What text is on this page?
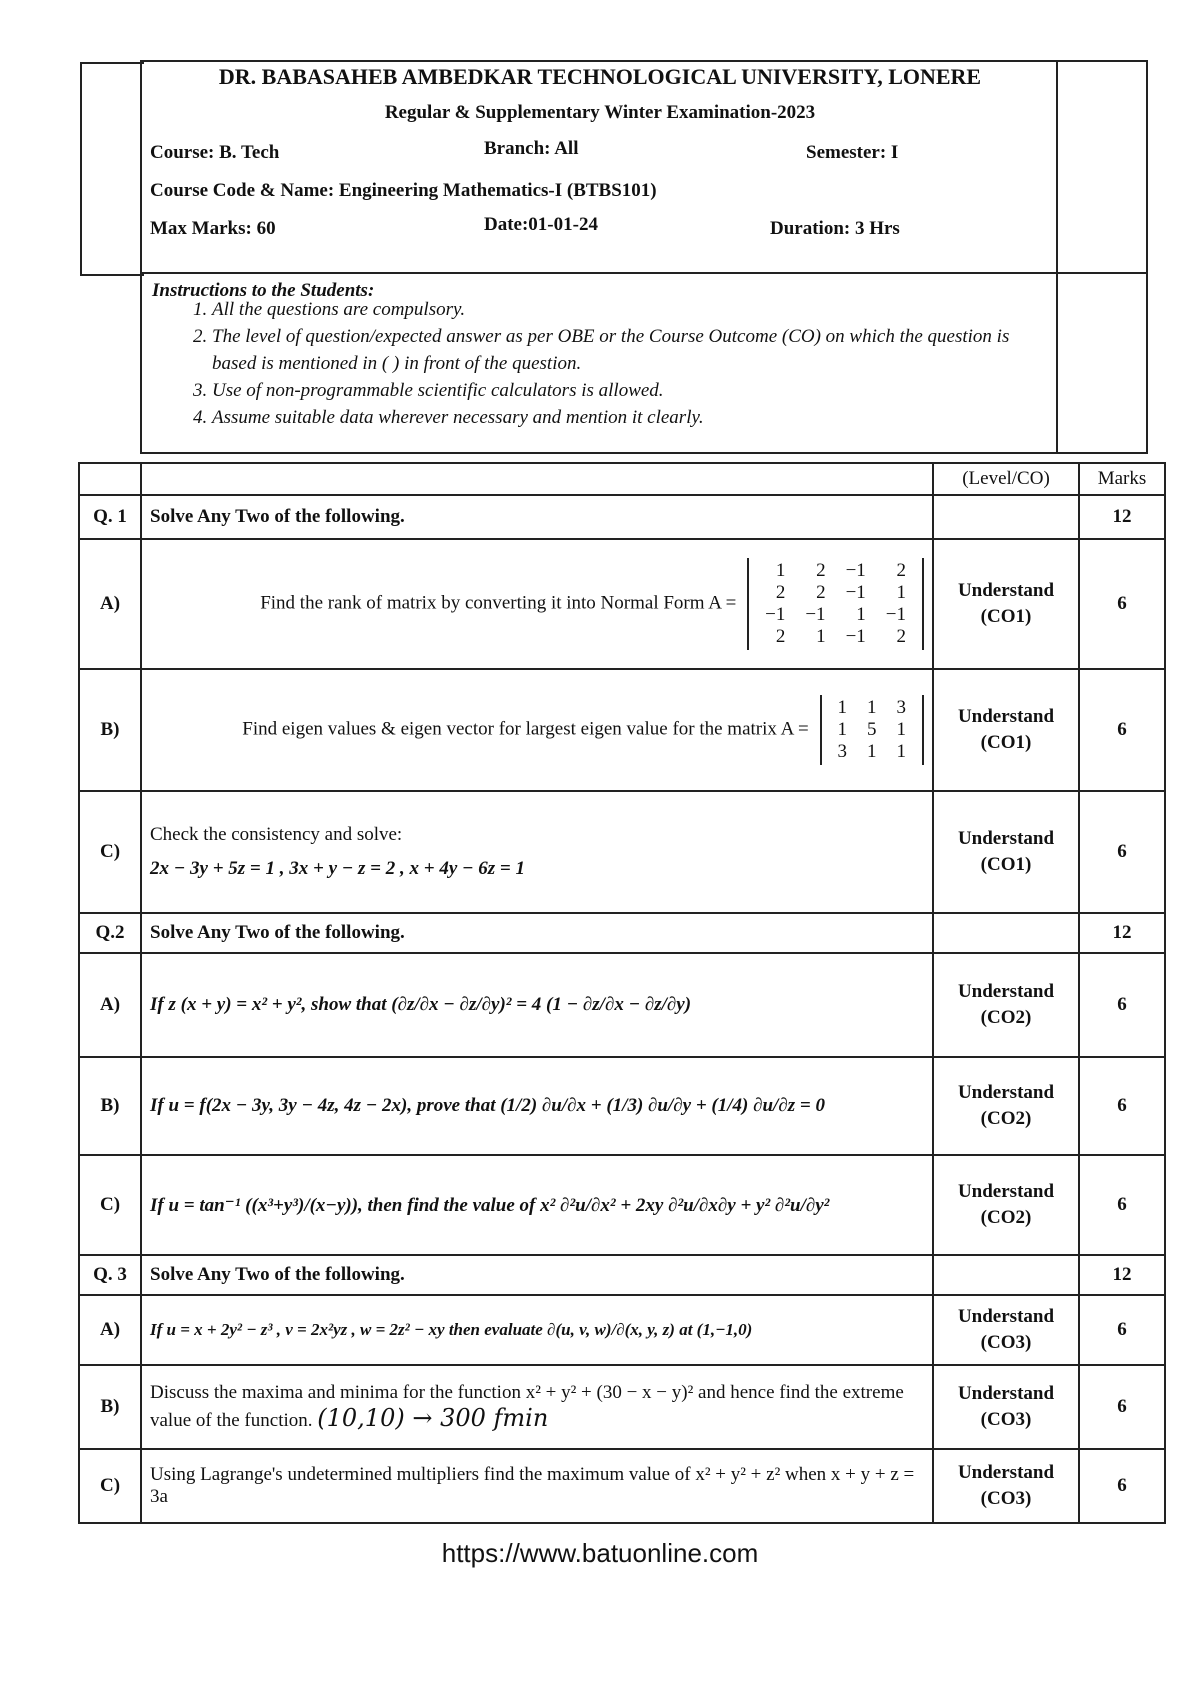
DR. BABASAHEB AMBEDKAR TECHNOLOGICAL UNIVERSITY, LONERE
Regular & Supplementary Winter Examination-2023
Course: B. Tech	Branch: All	Semester: I
Course Code & Name: Engineering Mathematics-I (BTBS101)
Max Marks: 60	Date:01-01-24	Duration: 3 Hrs
Instructions to the Students:
1. All the questions are compulsory.
2. The level of question/expected answer as per OBE or the Course Outcome (CO) on which the question is based is mentioned in ( ) in front of the question.
3. Use of non-programmable scientific calculators is allowed.
4. Assume suitable data wherever necessary and mention it clearly.
		(Level/CO)	Marks
Q. 1	Solve Any Two of the following.		12
A)	Find the rank of matrix by converting it into Normal Form A =
1	2	−1	2
2	2	−1	1
−1	−1	1	−1
2	1	−1	2
	Understand
(CO1)	6
B)	Find eigen values & eigen vector for largest eigen value for the matrix A =
1	1	3
1	5	1
3	1	1
	Understand
(CO1)	6
C)	
Check the consistency and solve:
2x − 3y + 5z = 1 , 3x + y − z = 2 , x + 4y − 6z = 1
	Understand
(CO1)	6
Q.2	Solve Any Two of the following.		12
A)	If z (x + y) = x² + y², show that (∂z/∂x − ∂z/∂y)² = 4 (1 − ∂z/∂x − ∂z/∂y)	Understand
(CO2)	6
B)	If u = f(2x − 3y, 3y − 4z, 4z − 2x), prove that (1/2) ∂u/∂x + (1/3) ∂u/∂y + (1/4) ∂u/∂z = 0	Understand
(CO2)	6
C)	If u = tan⁻¹ ((x³+y³)/(x−y)), then find the value of x² ∂²u/∂x² + 2xy ∂²u/∂x∂y + y² ∂²u/∂y²	Understand
(CO2)	6
Q. 3	Solve Any Two of the following.		12
A)	If u = x + 2y² − z³ , v = 2x²yz , w = 2z² − xy then evaluate ∂(u, v, w)/∂(x, y, z) at (1,−1,0)	Understand
(CO3)	6
B)	Discuss the maxima and minima for the function x² + y² + (30 − x − y)² and hence find the extreme value of the function. (10,10) → 300 fmin	Understand
(CO3)	6
C)	Using Lagrange's undetermined multipliers find the maximum value of x² + y² + z² when x + y + z = 3a	Understand
(CO3)	6
https://www.batuonline.com
